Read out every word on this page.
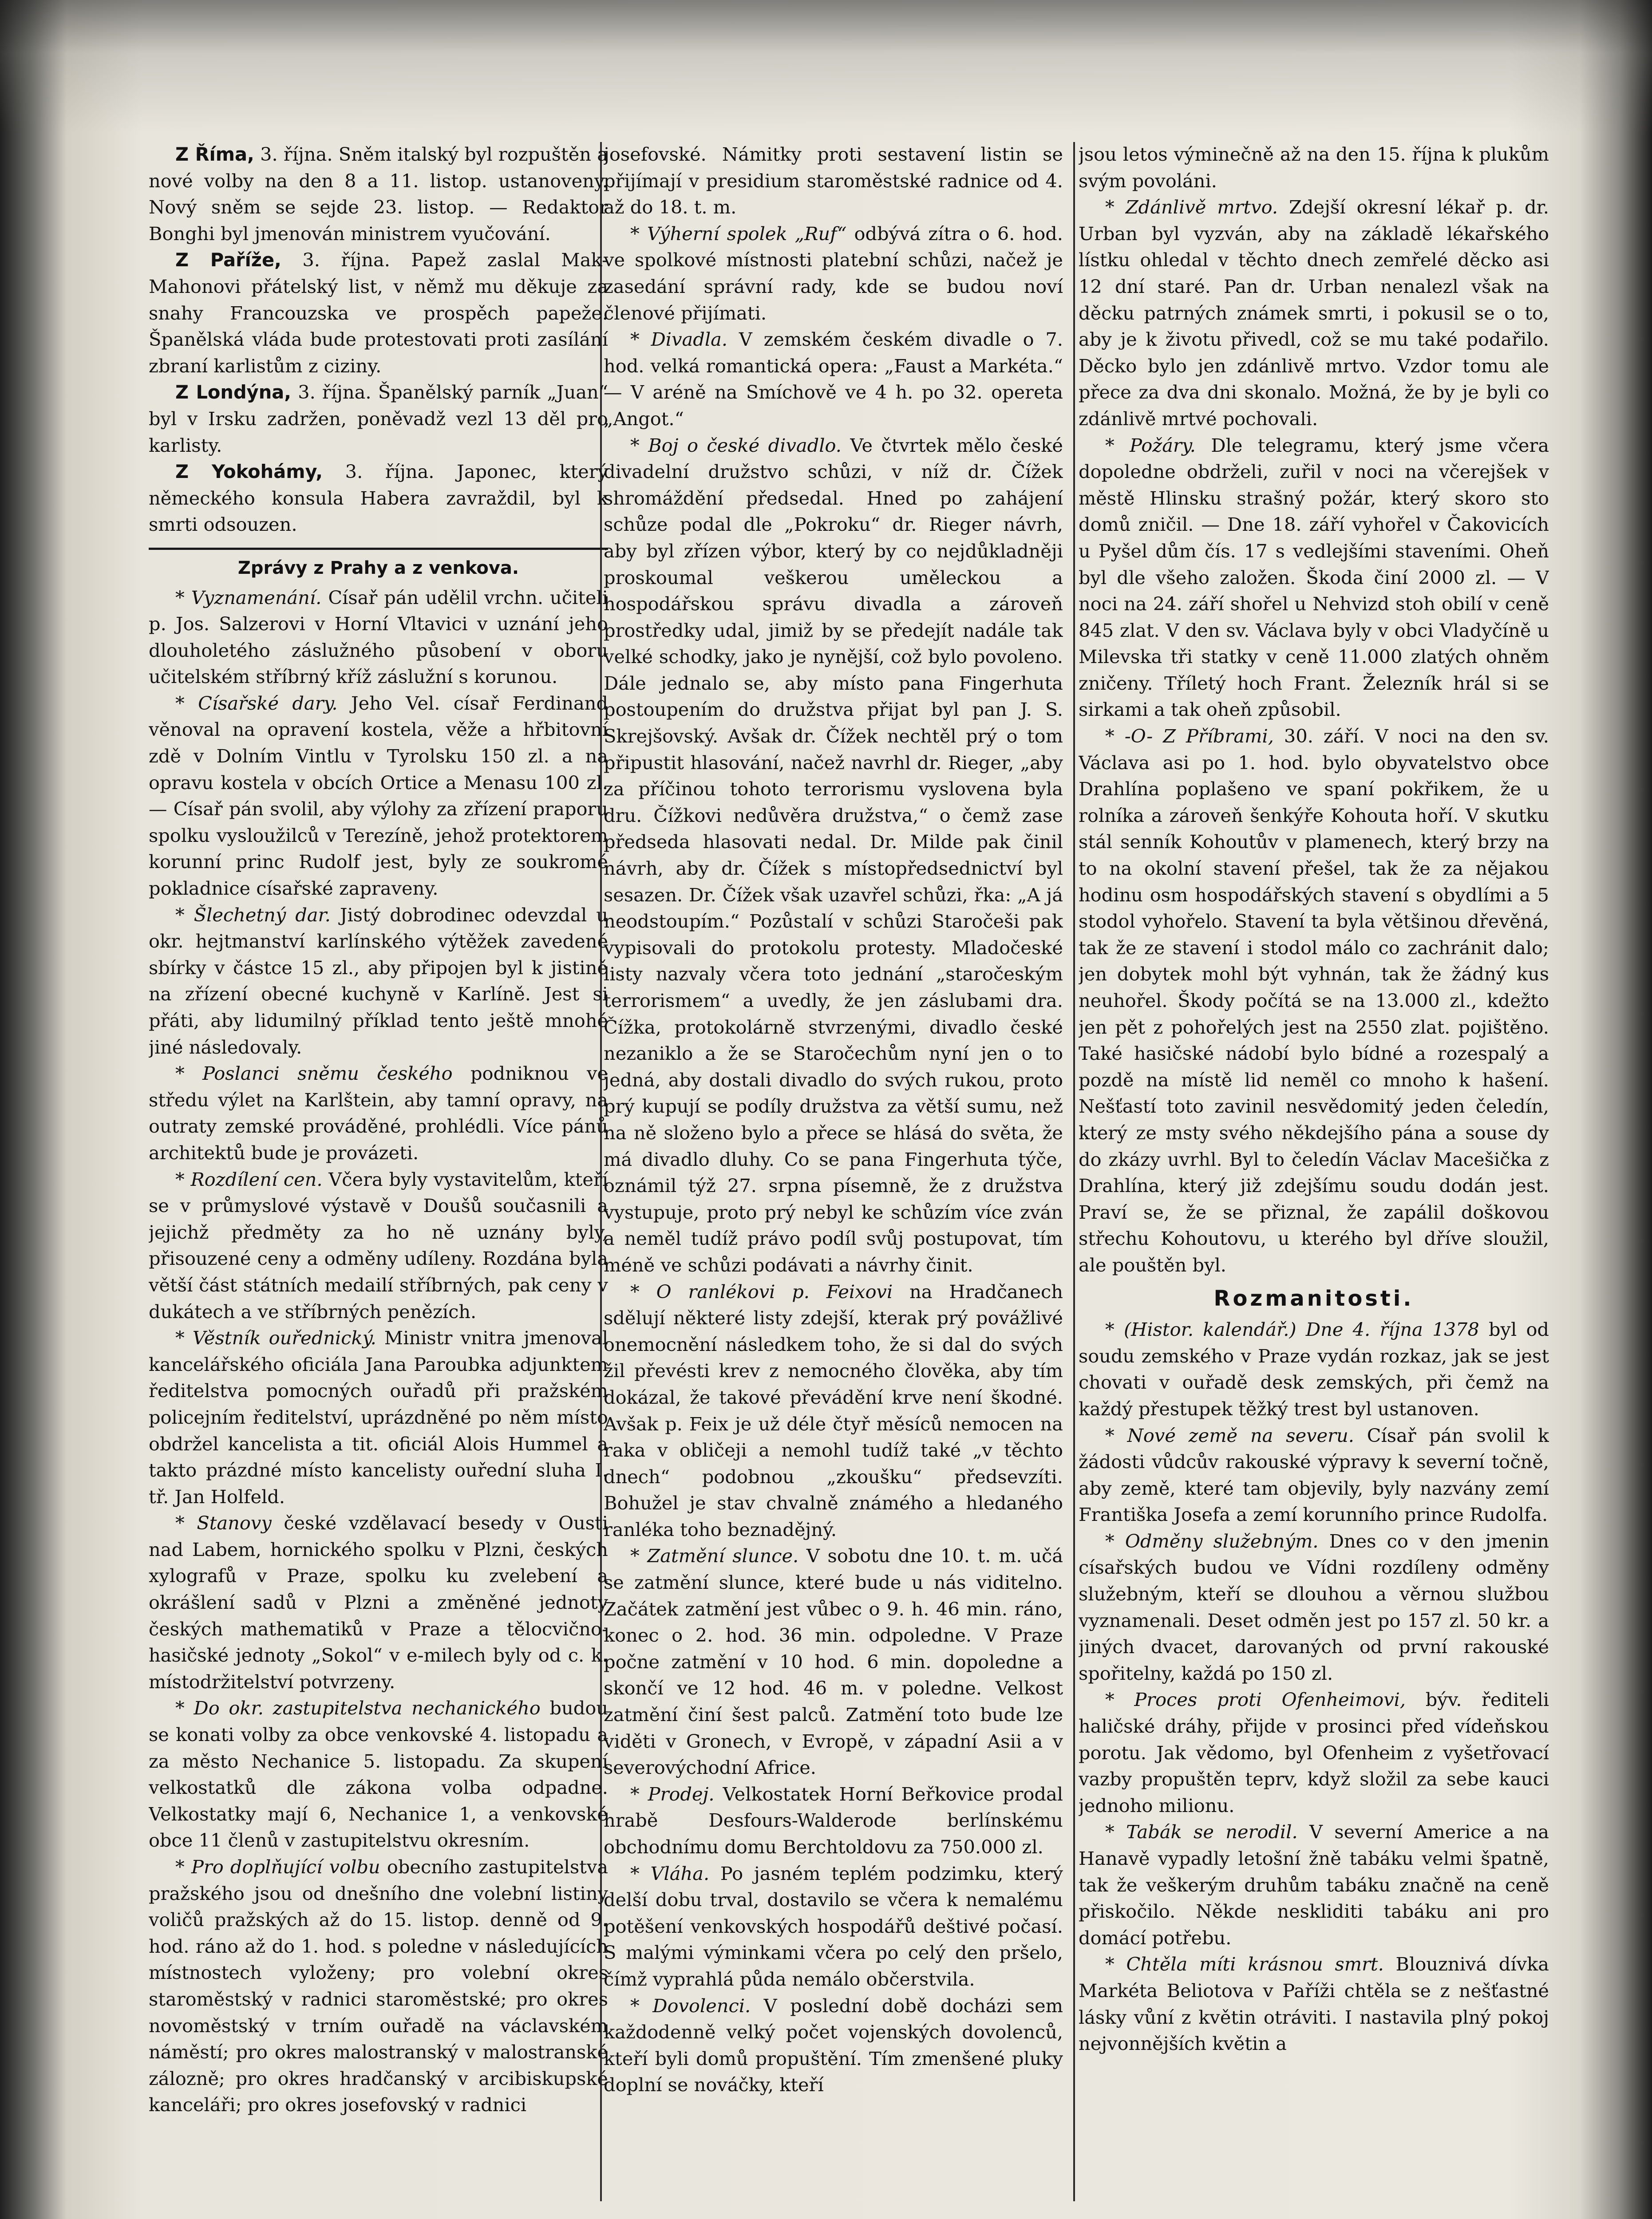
Z Říma, 3. října. Sněm italský byl rozpuštěn a nové volby na den 8 a 11. listop. ustanoveny. Nový sněm se sejde 23. listop. — Redaktor Bonghi byl jmenován ministrem vyučování.

Z Paříže, 3. října. Papež zaslal Mak-Mahonovi přátelský list, v němž mu děkuje za snahy Francouzska ve prospěch papeže. Španělská vláda bude protestovati proti zasílání zbraní karlistům z ciziny.

Z Londýna, 3. října. Španělský parník „Juan“ byl v Irsku zadržen, poněvadž vezl 13 děl pro karlisty.

Z Yokohámy, 3. října. Japonec, který německého konsula Habera zavraždil, byl k smrti odsouzen.

Zprávy z Prahy a z venkova.

* Vyznamenání. Císař pán udělil vrchn. učiteli p. Jos. Salzerovi v Horní Vltavici v uznání jeho dlouholetého záslužného působení v oboru učitelském stříbrný kříž záslužní s korunou.

* Císařské dary. Jeho Vel. císař Ferdinand věnoval na opravení kostela, věže a hřbitovní zdě v Dolním Vintlu v Tyrolsku 150 zl. a na opravu kostela v obcích Ortice a Menasu 100 zl. — Císař pán svolil, aby výlohy za zřízení praporu spolku vysloužilců v Terezíně, jehož protektorem korunní princ Rudolf jest, byly ze soukromé pokladnice císařské zapraveny.

* Šlechetný dar. Jistý dobrodinec odevzdal u okr. hejtmanství karlínského výtěžek zavedené sbírky v částce 15 zl., aby připojen byl k jistině na zřízení obecné kuchyně v Karlíně. Jest si přáti, aby lidumilný příklad tento ještě mnohé jiné následovaly.

* Poslanci sněmu českého podniknou ve středu výlet na Karlštein, aby tamní opravy, na outraty zemské prováděné, prohlédli. Více pánů architektů bude je provázeti.

* Rozdílení cen. Včera byly vystavitelům, kteří se v průmyslové výstavě v Doušů současnili a jejichž předměty za ho ně uznány byly, přisouzené ceny a odměny udíleny. Rozdána byla větší část státních medailí stříbrných, pak ceny v dukátech a ve stříbrných penězích.

* Věstník ouřednický. Ministr vnitra jmenoval kancelářského oficiála Jana Paroubka adjunktem ředitelstva pomocných ouřadů při pražském policejním ředitelství, uprázdněné po něm místo obdržel kancelista a tit. oficiál Alois Hummel a takto prázdné místo kancelisty ouřední sluha I. tř. Jan Holfeld.

* Stanovy české vzdělavací besedy v Ousti nad Labem, hornického spolku v Plzni, českých xylografů v Praze, spolku ku zvelebení a okrášlení sadů v Plzni a změněné jednoty českých mathematiků v Praze a tělocvično-hasičské jednoty „Sokol“ v e-milech byly od c. k. místodržitelství potvrzeny.

* Do okr. zastupitelstva nechanického budou se konati volby za obce venkovské 4. listopadu a za město Nechanice 5. listopadu. Za skupení velkostatků dle zákona volba odpadne. Velkostatky mají 6, Nechanice 1, a venkovské obce 11 členů v zastupitelstvu okresním.

* Pro doplňující volbu obecního zastupitelstva pražského jsou od dnešního dne volební listiny voličů pražských až do 15. listop. denně od 9. hod. ráno až do 1. hod. s poledne v následujících místnostech vyloženy; pro volební okres staroměstský v radnici staroměstské; pro okres novoměstský v trním ouřadě na václavském náměstí; pro okres malostranský v malostranské zálozně; pro okres hradčanský v arcibiskupské kanceláři; pro okres josefovský v radnici

josefovské. Námitky proti sestavení listin se přijímají v presidium staroměstské radnice od 4. až do 18. t. m.

* Výherní spolek „Ruf“ odbývá zítra o 6. hod. ve spolkové místnosti platební schůzi, načež je zasedání správní rady, kde se budou noví členové přijímati.

* Divadla. V zemském českém divadle o 7. hod. velká romantická opera: „Faust a Markéta.“ — V aréně na Smíchově ve 4 h. po 32. opereta „Angot.“

* Boj o české divadlo. Ve čtvrtek mělo české divadelní družstvo schůzi, v níž dr. Čížek shromáždění předsedal. Hned po zahájení schůze podal dle „Pokroku“ dr. Rieger návrh, aby byl zřízen výbor, který by co nejdůkladněji proskoumal veškerou uměleckou a hospodářskou správu divadla a zároveň prostředky udal, jimiž by se předejít nadále tak velké schodky, jako je nynější, což bylo povoleno. Dále jednalo se, aby místo pana Fingerhuta postoupením do družstva přijat byl pan J. S. Skrejšovský. Avšak dr. Čížek nechtěl prý o tom připustit hlasování, načež navrhl dr. Rieger, „aby za příčinou tohoto terrorismu vyslovena byla dru. Čížkovi nedůvěra družstva,“ o čemž zase předseda hlasovati nedal. Dr. Milde pak činil návrh, aby dr. Čížek s místopředsednictví byl sesazen. Dr. Čížek však uzavřel schůzi, řka: „A já neodstoupím.“ Pozůstalí v schůzi Staročeši pak vypisovali do protokolu protesty. Mladočeské listy nazvaly včera toto jednání „staročeským terrorismem“ a uvedly, že jen záslubami dra. Čížka, protokolárně stvrzenými, divadlo české nezaniklo a že se Staročechům nyní jen o to jedná, aby dostali divadlo do svých rukou, proto prý kupují se podíly družstva za větší sumu, než na ně složeno bylo a přece se hlásá do světa, že má divadlo dluhy. Co se pana Fingerhuta týče, oznámil týž 27. srpna písemně, že z družstva vystupuje, proto prý nebyl ke schůzím více zván a neměl tudíž právo podíl svůj postupovat, tím méně ve schůzi podávati a návrhy činit.

* O ranlékovi p. Feixovi na Hradčanech sdělují některé listy zdejší, kterak prý povážlivé onemocnění následkem toho, že si dal do svých žil převésti krev z nemocného člověka, aby tím dokázal, že takové převádění krve není škodné. Avšak p. Feix je už déle čtyř měsíců nemocen na raka v obličeji a nemohl tudíž také „v těchto dnech“ podobnou „zkoušku“ předsevzíti. Bohužel je stav chvalně známého a hledaného ranlékа toho beznadějný.

* Zatmění slunce. V sobotu dne 10. t. m. učá se zatmění slunce, které bude u nás viditelno. Začátek zatmění jest vůbec o 9. h. 46 min. ráno, konec o 2. hod. 36 min. odpoledne. V Praze počne zatmění v 10 hod. 6 min. dopoledne a skončí ve 12 hod. 46 m. v poledne. Velkost zatmění činí šest palců. Zatmění toto bude lze viděti v Gronech, v Evropě, v západní Asii a v severovýchodní Africe.

* Prodej. Velkostatek Horní Beřkovice prodal hrabě Desfours-Walderode berlínskému obchodnímu domu Berchtoldovu za 750.000 zl.

* Vláha. Po jasném teplém podzimku, který delší dobu trval, dostavilo se včera k nemalému potěšení venkovských hospodářů deštivé počasí. S malými výminkami včera po celý den pršelo, čímž vyprahlá půda nemálo občerstvila.

* Dovolenci. V poslední době docházi sem každodenně velký počet vojenských dovolenců, kteří byli domů propuštění. Tím zmenšené pluky doplní se nováčky, kteří

jsou letos výminečně až na den 15. října k plukům svým povoláni.

* Zdánlivě mrtvo. Zdejší okresní lékař p. dr. Urban byl vyzván, aby na základě lékařského lístku ohledal v těchto dnech zemřelé děcko asi 12 dní staré. Pan dr. Urban nenalezl však na děcku patrných známek smrti, i pokusil se o to, aby je k životu přivedl, což se mu také podařilo. Děcko bylo jen zdánlivě mrtvo. Vzdor tomu ale přece za dva dni skonalo. Možná, že by je byli co zdánlivě mrtvé pochovali.

* Požáry. Dle telegramu, který jsme včera dopoledne obdrželi, zuřil v noci na včerejšek v městě Hlinsku strašný požár, který skoro sto domů zničil. — Dne 18. září vyhořel v Čakovicích u Pyšel dům čís. 17 s vedlejšími staveními. Oheň byl dle všeho založen. Škoda činí 2000 zl. — V noci na 24. září shořel u Nehvizd stoh obilí v ceně 845 zlat. V den sv. Václava byly v obci Vladyčíně u Milevska tři statky v ceně 11.000 zlatých ohněm zničeny. Tříletý hoch Frant. Železník hrál si se sirkami a tak oheň způsobil.

* -O- Z Příbrami, 30. září. V noci na den sv. Václava asi po 1. hod. bylo obyvatelstvo obce Drahlína poplašeno ve spaní pokřikem, že u rolníka a zároveň šenkýře Kohouta hoří. V skutku stál senník Kohoutův v plamenech, který brzy na to na okolní stavení přešel, tak že za nějakou hodinu osm hospodářských stavení s obydlími a 5 stodol vyhořelo. Stavení ta byla většinou dřevěná, tak že ze stavení i stodol málo co zachránit dalo; jen dobytek mohl být vyhnán, tak že žádný kus neuhořel. Škody počítá se na 13.000 zl., kdežto jen pět z pohořelých jest na 2550 zlat. pojištěno. Také hasičské nádobí bylo bídné a rozespalý a pozdě na místě lid neměl co mnoho k hašení. Nešťastí toto zavinil nesvědomitý jeden čeledín, který ze msty svého někdejšího pána a souse dy do zkázy uvrhl. Byl to čeledín Václav Macešička z Drahlína, který již zdejšímu soudu dodán jest. Praví se, že se přiznal, že zapálil doškovou střechu Kohoutovu, u kterého byl dříve sloužil, ale pouštěn byl.

Rozmanitosti.

* (Histor. kalendář.) Dne 4. října 1378 byl od soudu zemského v Praze vydán rozkaz, jak se jest chovati v ouřadě desk zemských, při čemž na každý přestupek těžký trest byl ustanoven.

* Nové země na severu. Císař pán svolil k žádosti vůdcův rakouské výpravy k severní točně, aby země, které tam objevily, byly nazvány zemí Františka Josefa a zemí korunního prince Rudolfa.

* Odměny služebným. Dnes co v den jmenin císařských budou ve Vídni rozdíleny odměny služebným, kteří se dlouhou a věrnou službou vyznamenali. Deset odměn jest po 157 zl. 50 kr. a jiných dvacet, darovaných od první rakouské spořitelny, každá po 150 zl.

* Proces proti Ofenheimovi, býv. řediteli haličské dráhy, přijde v prosinci před vídeňskou porotu. Jak vědomo, byl Ofenheim z vyšetřovací vazby propuštěn teprv, když složil za sebe kauci jednoho milionu.

* Tabák se nerodil. V severní Americe a na Hanavě vypadly letošní žně tabáku velmi špatně, tak že veškerým druhům tabáku značně na ceně přiskočilo. Někde neskliditi tabáku ani pro domácí potřebu.

* Chtěla míti krásnou smrt. Blouznivá dívka Markéta Beliotova v Paříži chtěla se z nešťastné lásky vůní z květin otráviti. I nastavila plný pokoj nejvonnějších květin a
